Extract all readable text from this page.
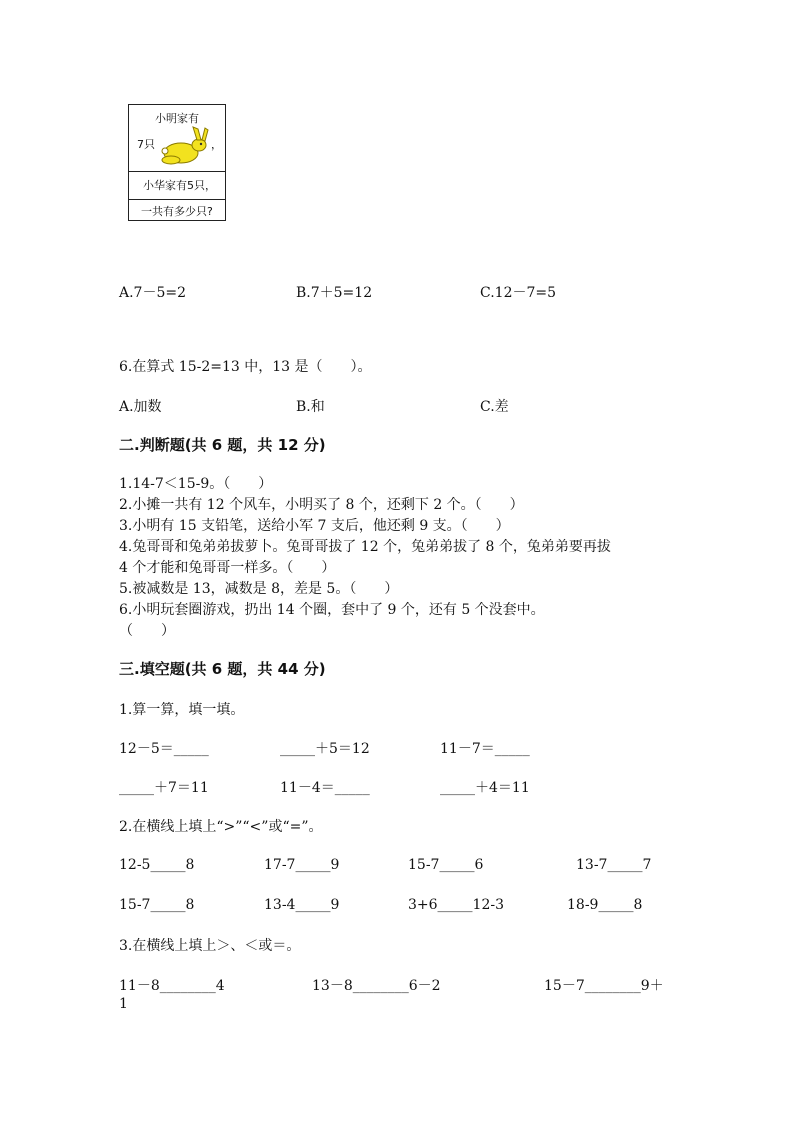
小明家有
7只	，
小华家有5只，
一共有多少只?
A.7－5=2	B.7＋5=12	C.12－7=5
6.在算式 15-2=13 中，13 是（　　）。
A.加数	B.和	C.差
二.判断题(共 6 题，共 12 分)
1.14-7＜15-9。（　　）
2.小摊一共有 12 个风车，小明买了 8 个，还剩下 2 个。（　　）
3.小明有 15 支铅笔，送给小军 7 支后，他还剩 9 支。（　　）
4.兔哥哥和兔弟弟拔萝卜。兔哥哥拔了 12 个，兔弟弟拔了 8 个，兔弟弟要再拔
4 个才能和兔哥哥一样多。（　　）
5.被减数是 13，减数是 8，差是 5。（　　）
6.小明玩套圈游戏，扔出 14 个圈，套中了 9 个，还有 5 个没套中。
（　　）
三.填空题(共 6 题，共 44 分)
1.算一算，填一填。
12－5＝_____	_____＋5＝12	11－7＝_____
_____＋7＝11	11－4＝_____	_____＋4＝11
2.在横线上填上“>”“<”或“=”。
12-5_____8	17-7_____9	15-7_____6	13-7_____7
15-7_____8	13-4_____9	3+6_____12-3	18-9_____8
3.在横线上填上＞、＜或＝。
11－8________4	13－8________6－2	15－7________9＋
1
